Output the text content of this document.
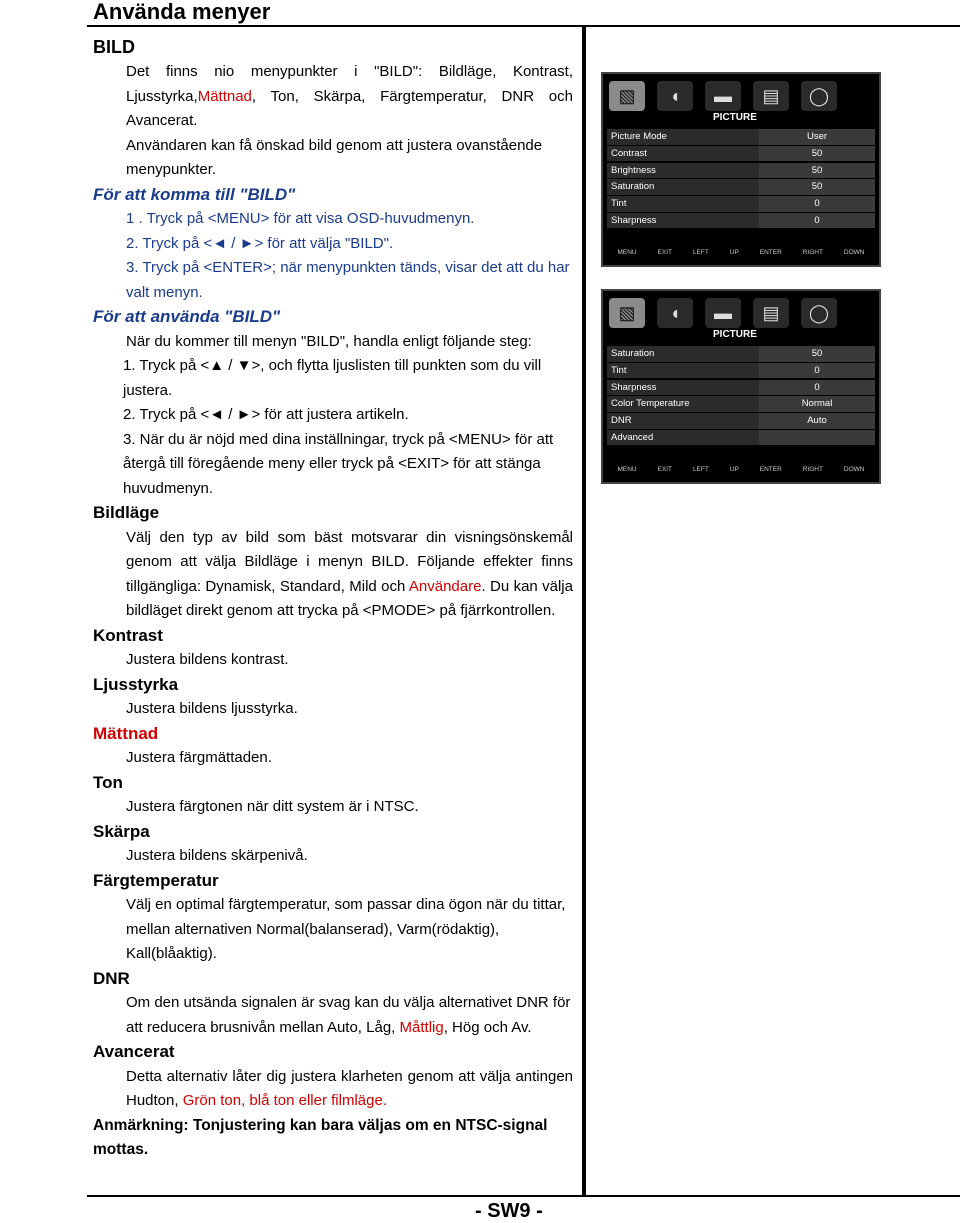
Använda menyer

BILD

Det finns nio menypunkter i "BILD": Bildläge, Kontrast, Ljusstyrka,Mättnad, Ton, Skärpa, Färgtemperatur, DNR och Avancerat.

Användaren kan få önskad bild genom att justera ovanstående menypunkter.

För att komma till "BILD"

1 . Tryck på <MENU> för att visa OSD-huvudmenyn.

2. Tryck på <◄ / ►> för att välja "BILD".

3. Tryck på <ENTER>; när menypunkten tänds, visar det att du har valt menyn.

För att använda "BILD"

När du kommer till menyn "BILD", handla enligt följande steg:

1. Tryck på <▲ / ▼>, och flytta ljuslisten till punkten som du vill justera.

2. Tryck på <◄ / ►> för att justera artikeln.

3. När du är nöjd med dina inställningar, tryck på <MENU> för att återgå till föregående meny eller tryck på <EXIT> för att stänga huvudmenyn.

Bildläge

Välj den typ av bild som bäst motsvarar din visningsönskemål genom att välja Bildläge i menyn BILD. Följande effekter finns tillgängliga: Dynamisk, Standard, Mild och Användare. Du kan välja bildläget direkt genom att trycka på <PMODE> på fjärrkontrollen.

Kontrast

Justera bildens kontrast.

Ljusstyrka

Justera bildens ljusstyrka.

Mättnad

Justera färgmättaden.

Ton

Justera färgtonen när ditt system är i NTSC.

Skärpa

Justera bildens skärpenivå.

Färgtemperatur

Välj en optimal färgtemperatur, som passar dina ögon när du tittar, mellan alternativen Normal(balanserad), Varm(rödaktig), Kall(blåaktig).

DNR

Om den utsända signalen är svag kan du välja alternativet DNR för att reducera brusnivån mellan Auto, Låg, Måttlig, Hög och Av.

Avancerat

Detta alternativ låter dig justera klarheten genom att välja antingen Hudton, Grön ton, blå ton eller filmläge.

Anmärkning: Tonjustering kan bara väljas om en NTSC-signal mottas.

▧	◖	▬	▤	◯
PICTURE
Picture Mode	User
Contrast	50
Brightness	50
Saturation	50
Tint	0
Sharpness	0
MENU	EXIT	LEFT	UP	ENTER	RIGHT	DOWN
▧	◖	▬	▤	◯
PICTURE
Saturation	50
Tint	0
Sharpness	0
Color Temperature	Normal
DNR	Auto
Advanced
MENU	EXIT	LEFT	UP	ENTER	RIGHT	DOWN
- SW9 -
